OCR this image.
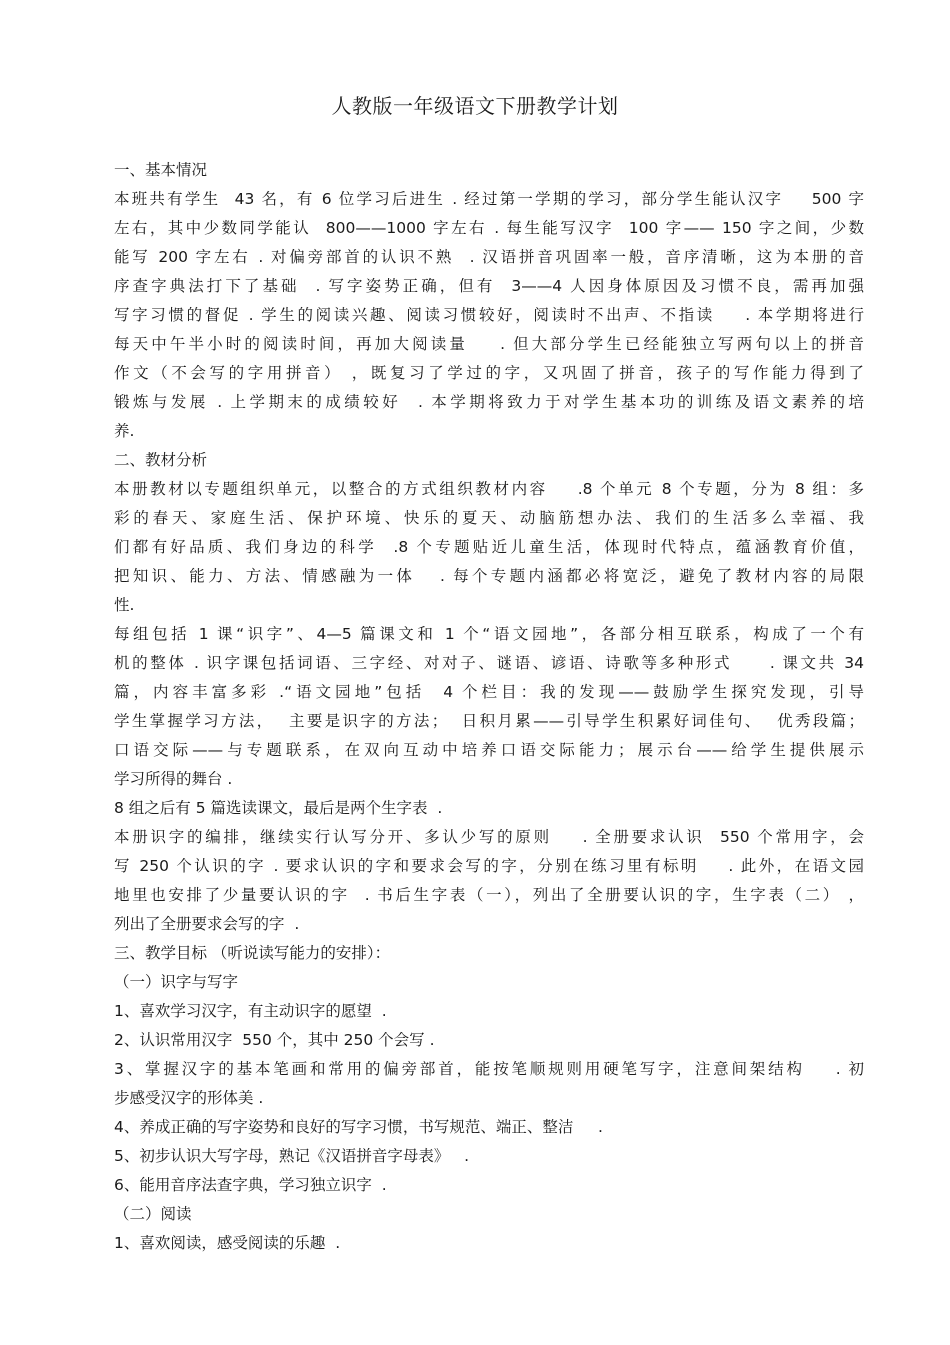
人教版一年级语文下册教学计划
一、基本情况
本班共有学生  43 名，有 6 位学习后进生 . 经过第一学期的学习，部分学生能认汉字    500 字
左右，其中少数同学能认  800——1000 字左右 . 每生能写汉字  100 字—— 150 字之间，少数
能写 200 字左右 . 对偏旁部首的认识不熟  . 汉语拼音巩固率一般，音序清晰，这为本册的音
序查字典法打下了基础  . 写字姿势正确，但有  3——4 人因身体原因及习惯不良，需再加强
写字习惯的督促 . 学生的阅读兴趣、阅读习惯较好，阅读时不出声、不指读    . 本学期将进行
每天中午半小时的阅读时间，再加大阅读量    . 但大部分学生已经能独立写两句以上的拼音
作文（不会写的字用拼音） ，既复习了学过的字，又巩固了拼音，孩子的写作能力得到了
锻炼与发展 . 上学期末的成绩较好  . 本学期将致力于对学生基本功的训练及语文素养的培
养.
二、教材分析
本册教材以专题组织单元，以整合的方式组织教材内容    .8 个单元 8 个专题，分为 8 组：多
彩的春天、家庭生活、保护环境、快乐的夏天、动脑筋想办法、我们的生活多么幸福、我
们都有好品质、我们身边的科学  .8 个专题贴近儿童生活，体现时代特点，蕴涵教育价值，
把知识、能力、方法、情感融为一体   . 每个专题内涵都必将宽泛，避免了教材内容的局限
性.
每组包括 1 课“识字”、4—5 篇课文和 1 个“语文园地”，各部分相互联系，构成了一个有
机的整体 . 识字课包括词语、三字经、对对子、谜语、谚语、诗歌等多种形式     . 课文共 34
篇，内容丰富多彩 .“语文园地”包括  4 个栏目：我的发现——鼓励学生探究发现，引导
学生掌握学习方法，  主要是识字的方法；  日积月累——引导学生积累好词佳句、  优秀段篇；
口语交际——与专题联系，在双向互动中培养口语交际能力；展示台——给学生提供展示
学习所得的舞台 .
8 组之后有 5 篇选读课文，最后是两个生字表  .
本册识字的编排，继续实行认写分开、多认少写的原则    . 全册要求认识  550 个常用字，会
写 250 个认识的字 . 要求认识的字和要求会写的字，分别在练习里有标明    . 此外，在语文园
地里也安排了少量要认识的字  . 书后生字表（一），列出了全册要认识的字，生字表（二） ，
列出了全册要求会写的字  .
三、教学目标 （听说读写能力的安排）：
（一）识字与写字
1、喜欢学习汉字，有主动识字的愿望  .
2、认识常用汉字  550 个，其中 250 个会写 .
3、掌握汉字的基本笔画和常用的偏旁部首，能按笔顺规则用硬笔写字，注意间架结构    . 初
步感受汉字的形体美 .
4、养成正确的写字姿势和良好的写字习惯，书写规范、端正、整洁     .
5、初步认识大写字母，熟记《汉语拼音字母表》   .
6、能用音序法查字典，学习独立识字  .
（二）阅读
1、喜欢阅读，感受阅读的乐趣  .
